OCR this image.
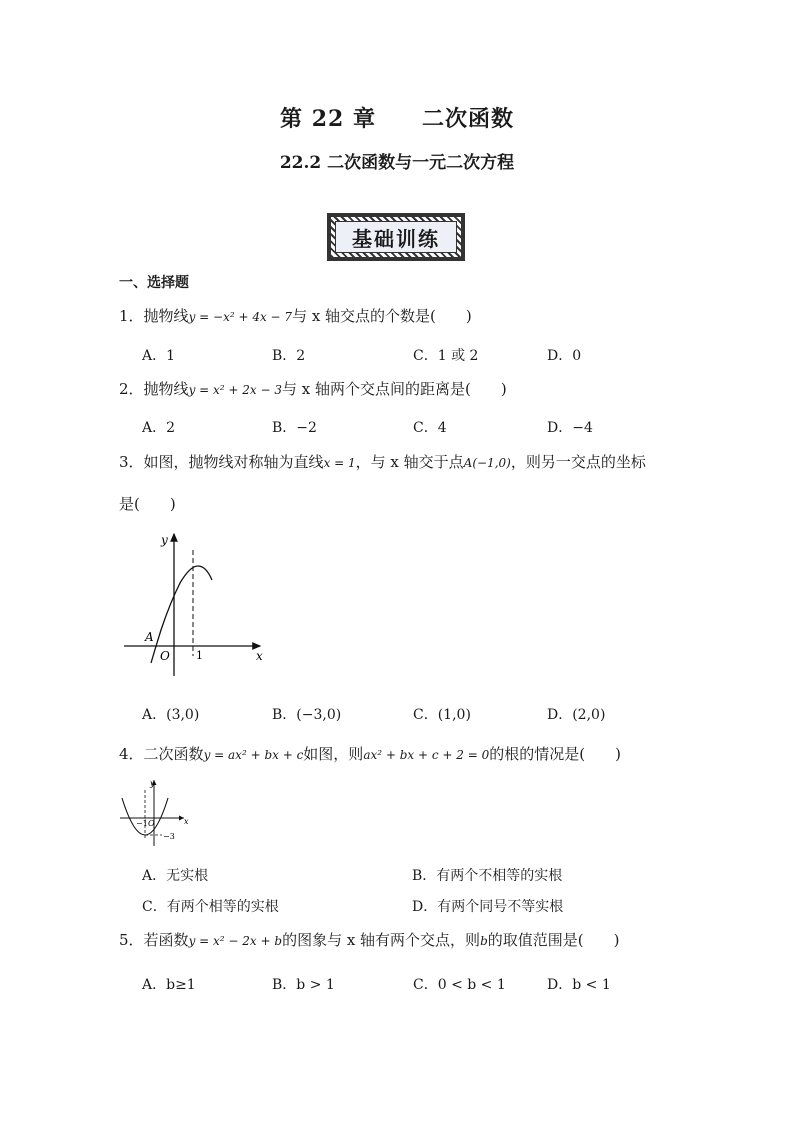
第 22 章　　二次函数
22.2 二次函数与一元二次方程
基础训练
一、选择题
1．抛物线y = −x² + 4x − 7与 x 轴交点的个数是(　　)
A．1	B．2	C．1 或 2	D．0
2．抛物线y = x² + 2x − 3与 x 轴两个交点间的距离是(　　)
A．2	B．−2	C．4	D．−4
3．如图，抛物线对称轴为直线x = 1，与 x 轴交于点A(−1,0)，则另一交点的坐标
是(　　)
y
x
A
O 1
A．(3,0)	B．(−3,0)	C．(1,0)	D．(2,0)
4．二次函数y = ax² + bx + c如图，则ax² + bx + c + 2 = 0的根的情况是(　　)
y
x
−1 O
−3
A．无实根	B．有两个不相等的实根
C．有两个相等的实根	D．有两个同号不等实根
5．若函数y = x² − 2x + b的图象与 x 轴有两个交点，则b的取值范围是(　　)
A．b≥1	B．b > 1	C．0 < b < 1	D．b < 1
